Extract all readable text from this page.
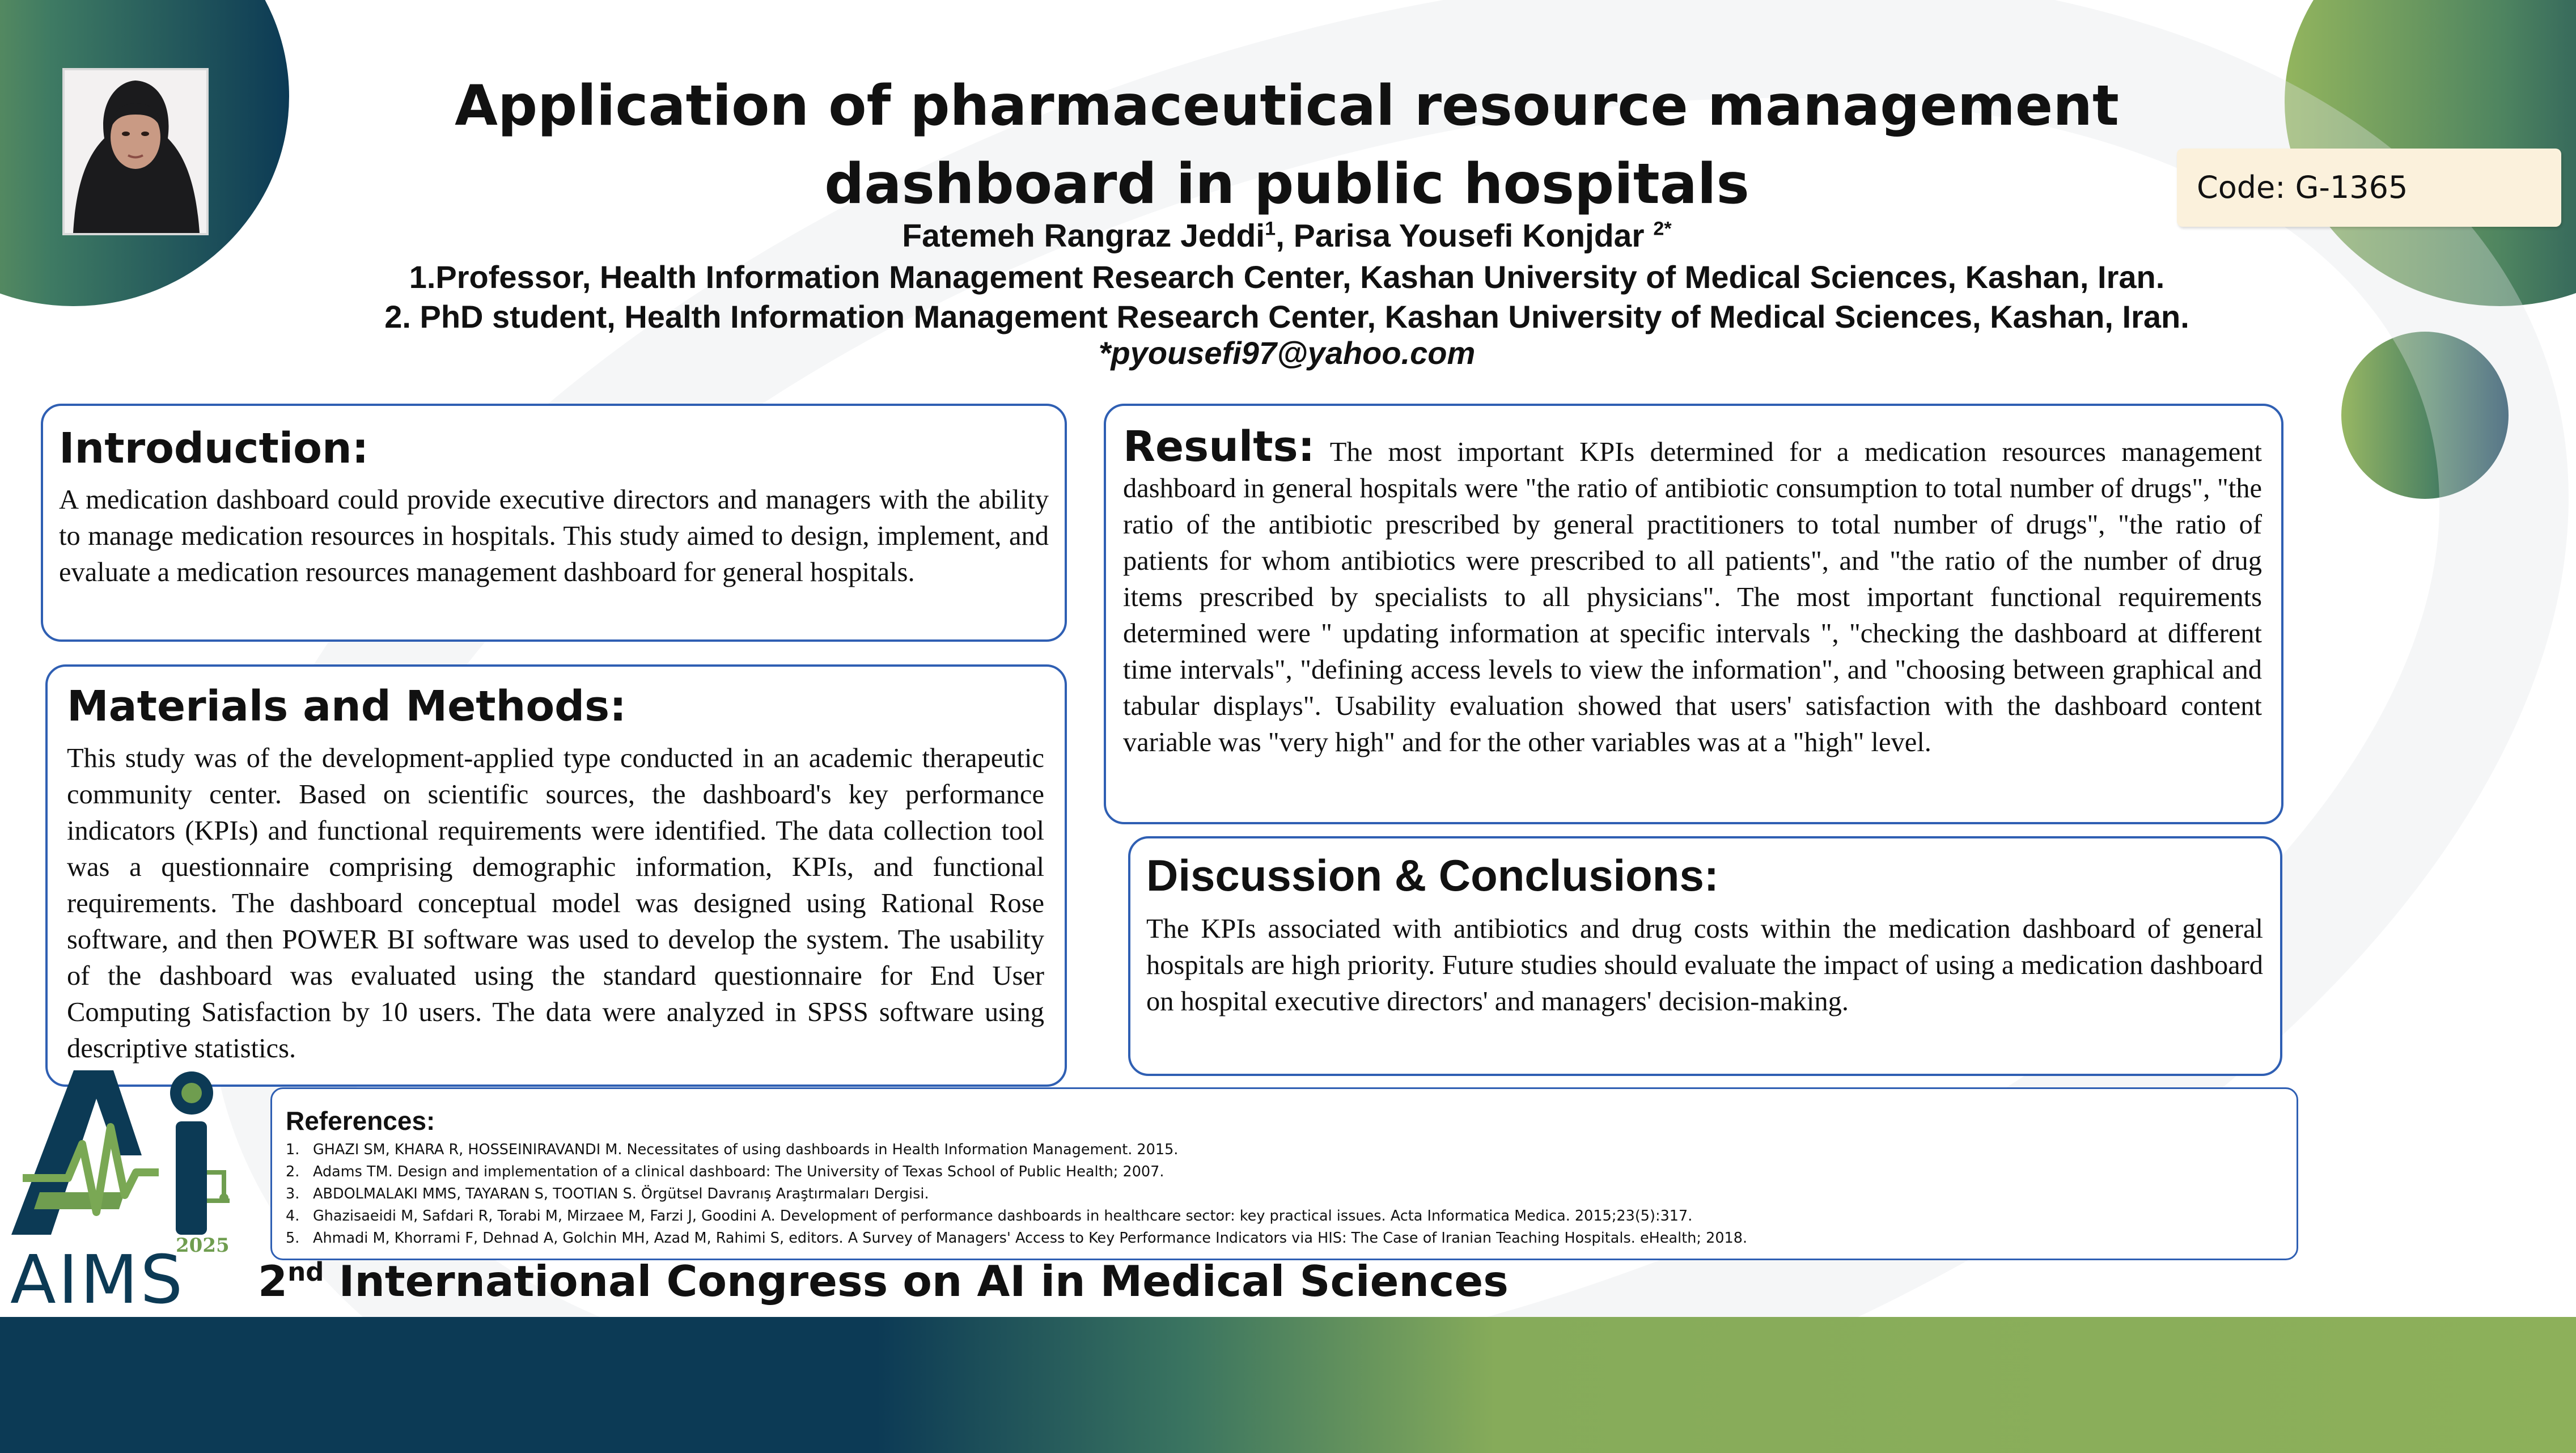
Application of pharmaceutical resource management dashboard in public hospitals
Fatemeh Rangraz Jeddi$^1$, Parisa Yousefi Konjdar $^{2*}$
1.Professor, Health Information Management Research Center, Kashan University of Medical Sciences, Kashan, Iran.
2. PhD student, Health Information Management Research Center, Kashan University of Medical Sciences, Kashan, Iran.
*pyousefi97@yahoo.com
Code: G-1365
Introduction:

A medication dashboard could provide executive directors and managers with the ability to manage medication resources in hospitals. This study aimed to design, implement, and evaluate a medication resources management dashboard for general hospitals.

Materials and Methods:

This study was of the development-applied type conducted in an academic therapeutic community center. Based on scientific sources, the dashboard's key performance indicators (KPIs) and functional requirements were identified. The data collection tool was a questionnaire comprising demographic information, KPIs, and functional requirements. The dashboard conceptual model was designed using Rational Rose software, and then POWER BI software was used to develop the system. The usability of the dashboard was evaluated using the standard questionnaire for End User Computing Satisfaction by 10 users. The data were analyzed in SPSS software using descriptive statistics.

Results: The most important KPIs determined for a medication resources management dashboard in general hospitals were "the ratio of antibiotic consumption to total number of drugs", "the ratio of the antibiotic prescribed by general practitioners to total number of drugs", "the ratio of patients for whom antibiotics were prescribed to all patients", and "the ratio of the number of drug items prescribed by specialists to all physicians". The most important functional requirements determined were " updating information at specific intervals ", "checking the dashboard at different time intervals", "defining access levels to view the information", and "choosing between graphical and tabular displays". Usability evaluation showed that users' satisfaction with the dashboard content variable was "very high" and for the other variables was at a "high" level.

Discussion & Conclusions:

The KPIs associated with antibiotics and drug costs within the medication dashboard of general hospitals are high priority. Future studies should evaluate the impact of using a medication dashboard on hospital executive directors' and managers' decision-making.

References:
1. GHAZI SM, KHARA R, HOSSEINIRAVANDI M. Necessitates of using dashboards in Health Information Management. 2015.
2. Adams TM. Design and implementation of a clinical dashboard: The University of Texas School of Public Health; 2007.
3. ABDOLMALAKI MMS, TAYARAN S, TOOTIAN S. Örgütsel Davranış Araştırmaları Dergisi.
4. Ghazisaeidi M, Safdari R, Torabi M, Mirzaee M, Farzi J, Goodini A. Development of performance dashboards in healthcare sector: key practical issues. Acta Informatica Medica. 2015;23(5):317.
5. Ahmadi M, Khorrami F, Dehnad A, Golchin MH, Azad M, Rahimi S, editors. A Survey of Managers' Access to Key Performance Indicators via HIS: The Case of Iranian Teaching Hospitals. eHealth; 2018.
2025
AIMS 2nd International Congress on AI in Medical Sciences
